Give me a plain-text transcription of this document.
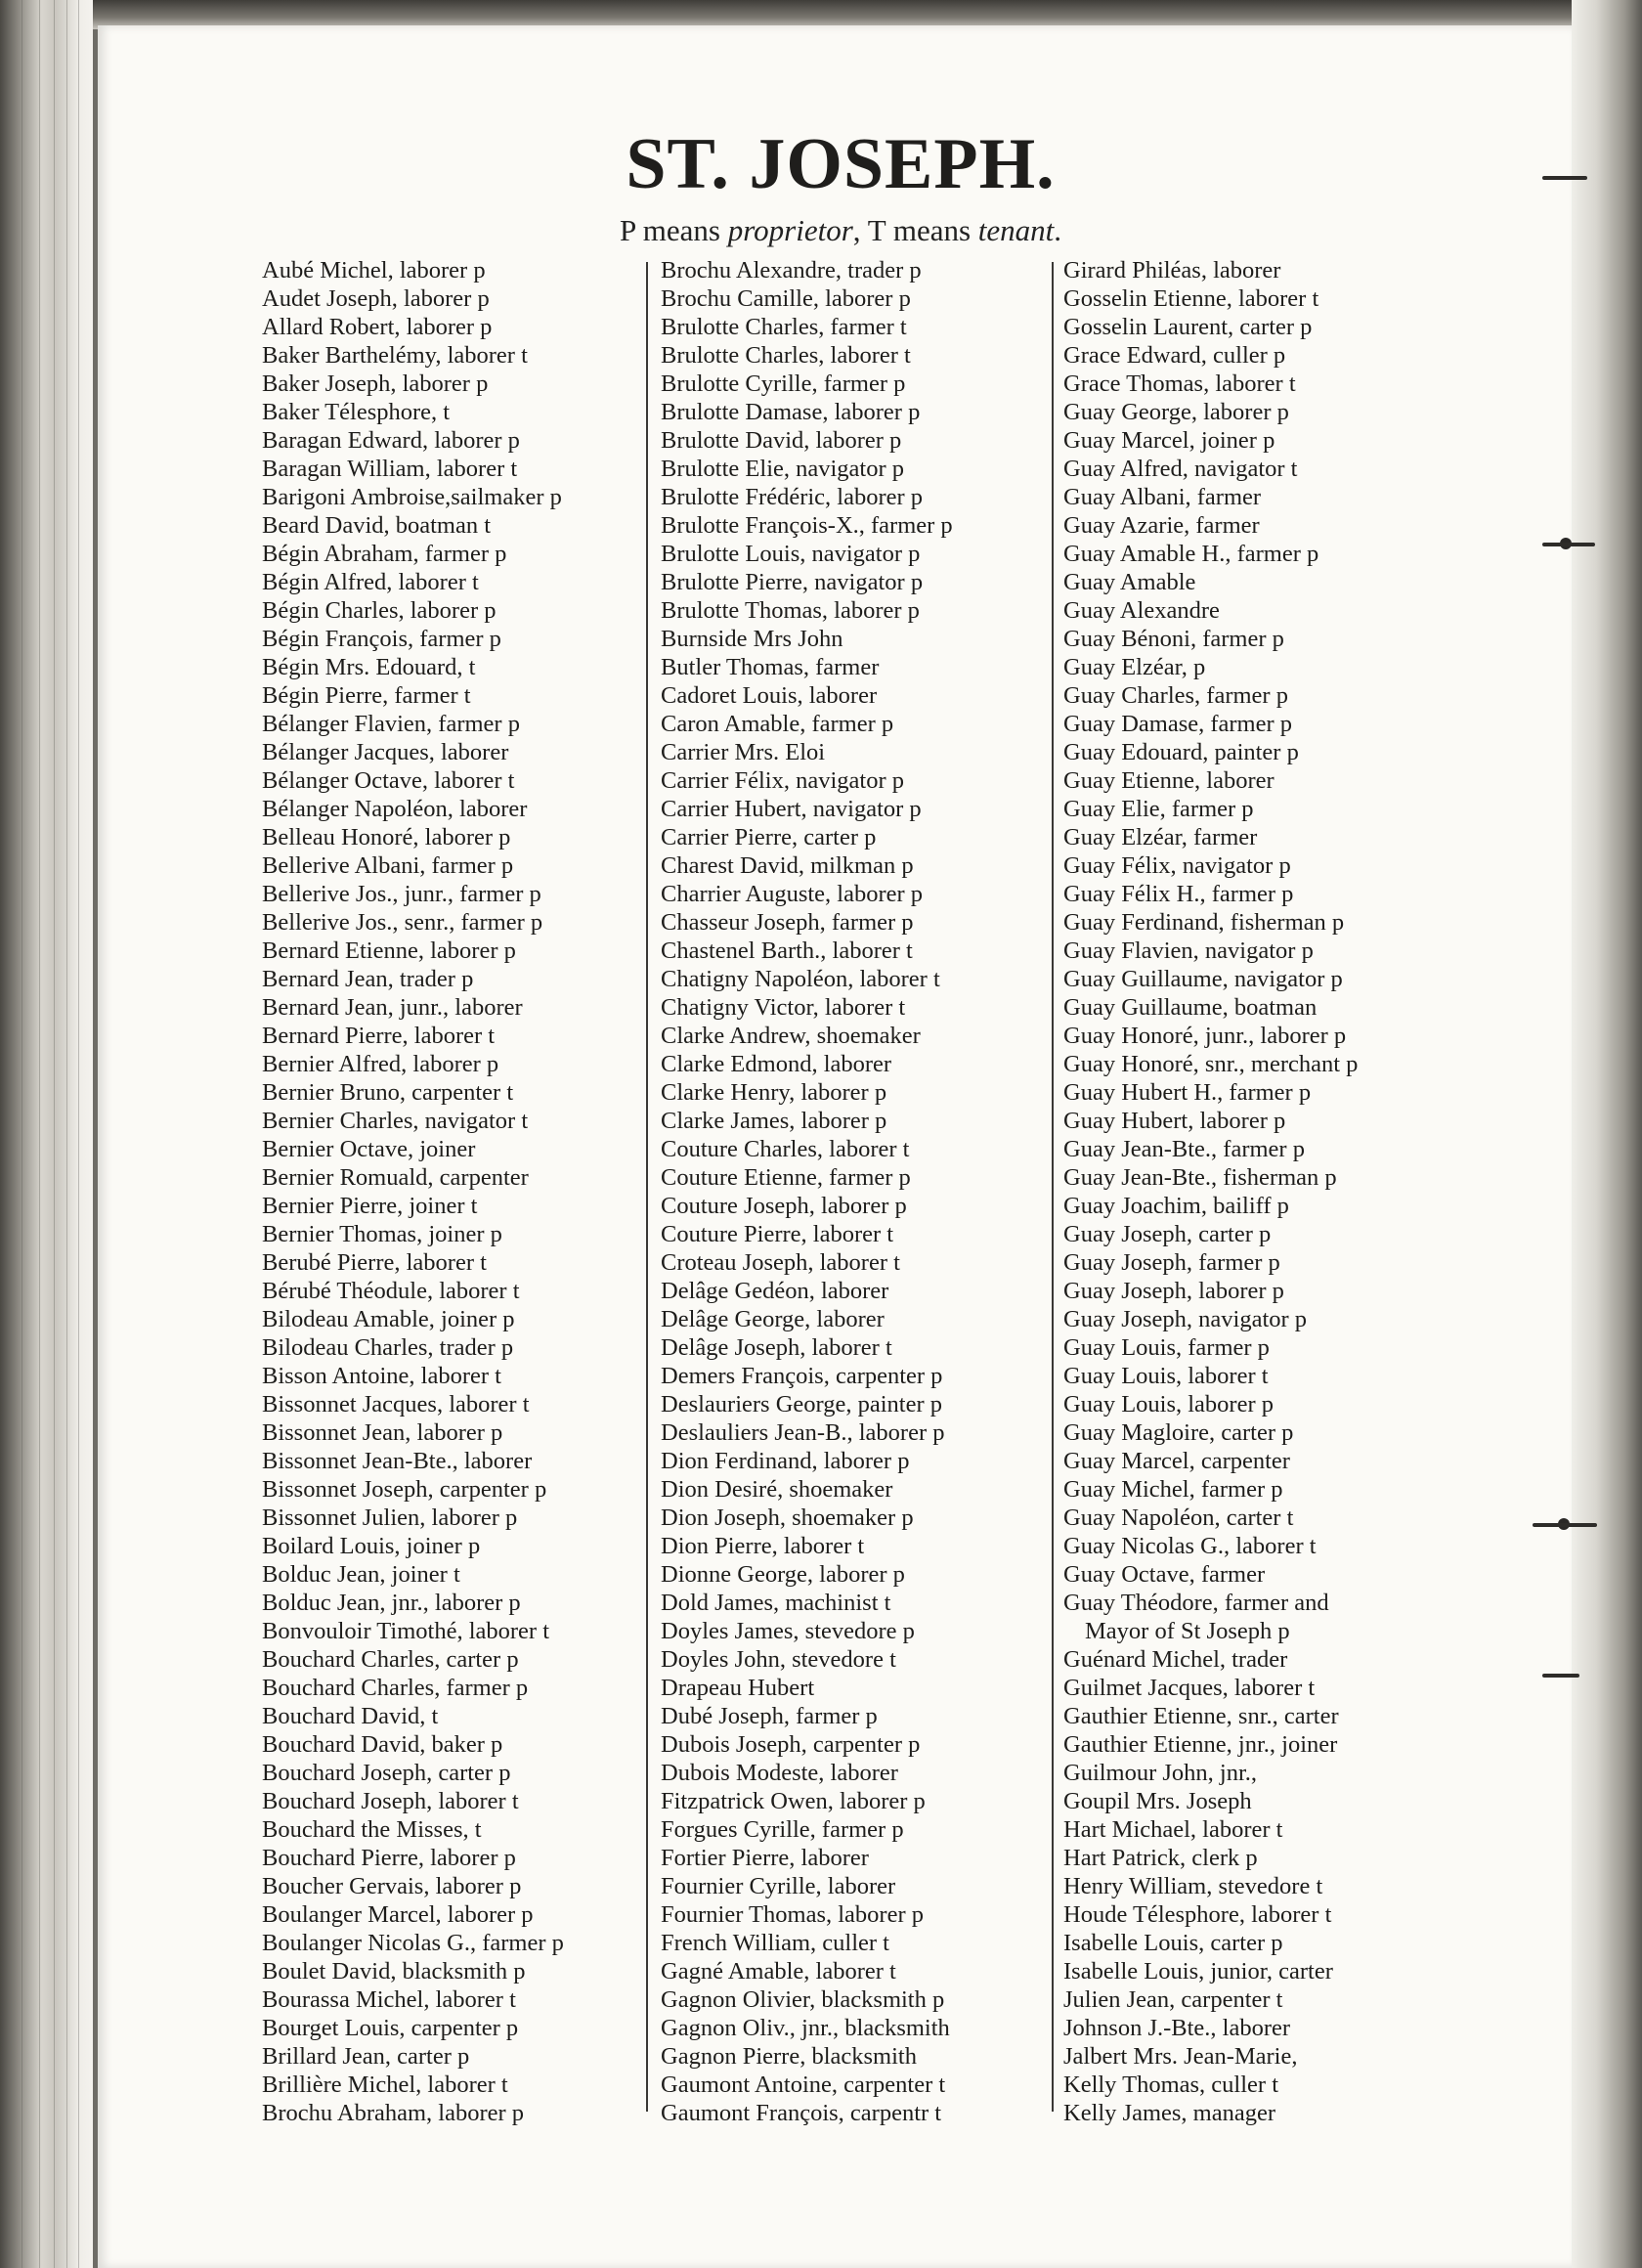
ST. JOSEPH.
P means proprietor, T means tenant.
Aubé Michel, laborer p
Audet Joseph, laborer p
Allard Robert, laborer p
Baker Barthelémy, laborer t
Baker Joseph, laborer p
Baker Télesphore, t
Baragan Edward, laborer p
Baragan William, laborer t
Barigoni Ambroise,sailmaker p
Beard David, boatman t
Bégin Abraham, farmer p
Bégin Alfred, laborer t
Bégin Charles, laborer p
Bégin François, farmer p
Bégin Mrs. Edouard, t
Bégin Pierre, farmer t
Bélanger Flavien, farmer p
Bélanger Jacques, laborer
Bélanger Octave, laborer t
Bélanger Napoléon, laborer
Belleau Honoré, laborer p
Bellerive Albani, farmer p
Bellerive Jos., junr., farmer p
Bellerive Jos., senr., farmer p
Bernard Etienne, laborer p
Bernard Jean, trader p
Bernard Jean, junr., laborer
Bernard Pierre, laborer t
Bernier Alfred, laborer p
Bernier Bruno, carpenter t
Bernier Charles, navigator t
Bernier Octave, joiner
Bernier Romuald, carpenter
Bernier Pierre, joiner t
Bernier Thomas, joiner p
Berubé Pierre, laborer t
Bérubé Théodule, laborer t
Bilodeau Amable, joiner p
Bilodeau Charles, trader p
Bisson Antoine, laborer t
Bissonnet Jacques, laborer t
Bissonnet Jean, laborer p
Bissonnet Jean-Bte., laborer
Bissonnet Joseph, carpenter p
Bissonnet Julien, laborer p
Boilard Louis, joiner p
Bolduc Jean, joiner t
Bolduc Jean, jnr., laborer p
Bonvouloir Timothé, laborer t
Bouchard Charles, carter p
Bouchard Charles, farmer p
Bouchard David, t
Bouchard David, baker p
Bouchard Joseph, carter p
Bouchard Joseph, laborer t
Bouchard the Misses, t
Bouchard Pierre, laborer p
Boucher Gervais, laborer p
Boulanger Marcel, laborer p
Boulanger Nicolas G., farmer p
Boulet David, blacksmith p
Bourassa Michel, laborer t
Bourget Louis, carpenter p
Brillard Jean, carter p
Brillière Michel, laborer t
Brochu Abraham, laborer p
Brochu Alexandre, trader p
Brochu Camille, laborer p
Brulotte Charles, farmer t
Brulotte Charles, laborer t
Brulotte Cyrille, farmer p
Brulotte Damase, laborer p
Brulotte David, laborer p
Brulotte Elie, navigator p
Brulotte Frédéric, laborer p
Brulotte François-X., farmer p
Brulotte Louis, navigator p
Brulotte Pierre, navigator p
Brulotte Thomas, laborer p
Burnside Mrs John
Butler Thomas, farmer
Cadoret Louis, laborer
Caron Amable, farmer p
Carrier Mrs. Eloi
Carrier Félix, navigator p
Carrier Hubert, navigator p
Carrier Pierre, carter p
Charest David, milkman p
Charrier Auguste, laborer p
Chasseur Joseph, farmer p
Chastenel Barth., laborer t
Chatigny Napoléon, laborer t
Chatigny Victor, laborer t
Clarke Andrew, shoemaker
Clarke Edmond, laborer
Clarke Henry, laborer p
Clarke James, laborer p
Couture Charles, laborer t
Couture Etienne, farmer p
Couture Joseph, laborer p
Couture Pierre, laborer t
Croteau Joseph, laborer t
Delâge Gedéon, laborer
Delâge George, laborer
Delâge Joseph, laborer t
Demers François, carpenter p
Deslauriers George, painter p
Deslauliers Jean-B., laborer p
Dion Ferdinand, laborer p
Dion Desiré, shoemaker
Dion Joseph, shoemaker p
Dion Pierre, laborer t
Dionne George, laborer p
Dold James, machinist t
Doyles James, stevedore p
Doyles John, stevedore t
Drapeau Hubert
Dubé Joseph, farmer p
Dubois Joseph, carpenter p
Dubois Modeste, laborer
Fitzpatrick Owen, laborer p
Forgues Cyrille, farmer p
Fortier Pierre, laborer
Fournier Cyrille, laborer
Fournier Thomas, laborer p
French William, culler t
Gagné Amable, laborer t
Gagnon Olivier, blacksmith p
Gagnon Oliv., jnr., blacksmith
Gagnon Pierre, blacksmith
Gaumont Antoine, carpenter t
Gaumont François, carpentr t
Girard Philéas, laborer
Gosselin Etienne, laborer t
Gosselin Laurent, carter p
Grace Edward, culler p
Grace Thomas, laborer t
Guay George, laborer p
Guay Marcel, joiner p
Guay Alfred, navigator t
Guay Albani, farmer
Guay Azarie, farmer
Guay Amable H., farmer p
Guay Amable
Guay Alexandre
Guay Bénoni, farmer p
Guay Elzéar, p
Guay Charles, farmer p
Guay Damase, farmer p
Guay Edouard, painter p
Guay Etienne, laborer
Guay Elie, farmer p
Guay Elzéar, farmer
Guay Félix, navigator p
Guay Félix H., farmer p
Guay Ferdinand, fisherman p
Guay Flavien, navigator p
Guay Guillaume, navigator p
Guay Guillaume, boatman
Guay Honoré, junr., laborer p
Guay Honoré, snr., merchant p
Guay Hubert H., farmer p
Guay Hubert, laborer p
Guay Jean-Bte., farmer p
Guay Jean-Bte., fisherman p
Guay Joachim, bailiff p
Guay Joseph, carter p
Guay Joseph, farmer p
Guay Joseph, laborer p
Guay Joseph, navigator p
Guay Louis, farmer p
Guay Louis, laborer t
Guay Louis, laborer p
Guay Magloire, carter p
Guay Marcel, carpenter
Guay Michel, farmer p
Guay Napoléon, carter t
Guay Nicolas G., laborer t
Guay Octave, farmer
Guay Théodore, farmer and
Mayor of St Joseph p
Guénard Michel, trader
Guilmet Jacques, laborer t
Gauthier Etienne, snr., carter
Gauthier Etienne, jnr., joiner
Guilmour John, jnr.,
Goupil Mrs. Joseph
Hart Michael, laborer t
Hart Patrick, clerk p
Henry William, stevedore t
Houde Télesphore, laborer t
Isabelle Louis, carter p
Isabelle Louis, junior, carter
Julien Jean, carpenter t
Johnson J.-Bte., laborer
Jalbert Mrs. Jean-Marie,
Kelly Thomas, culler t
Kelly James, manager
